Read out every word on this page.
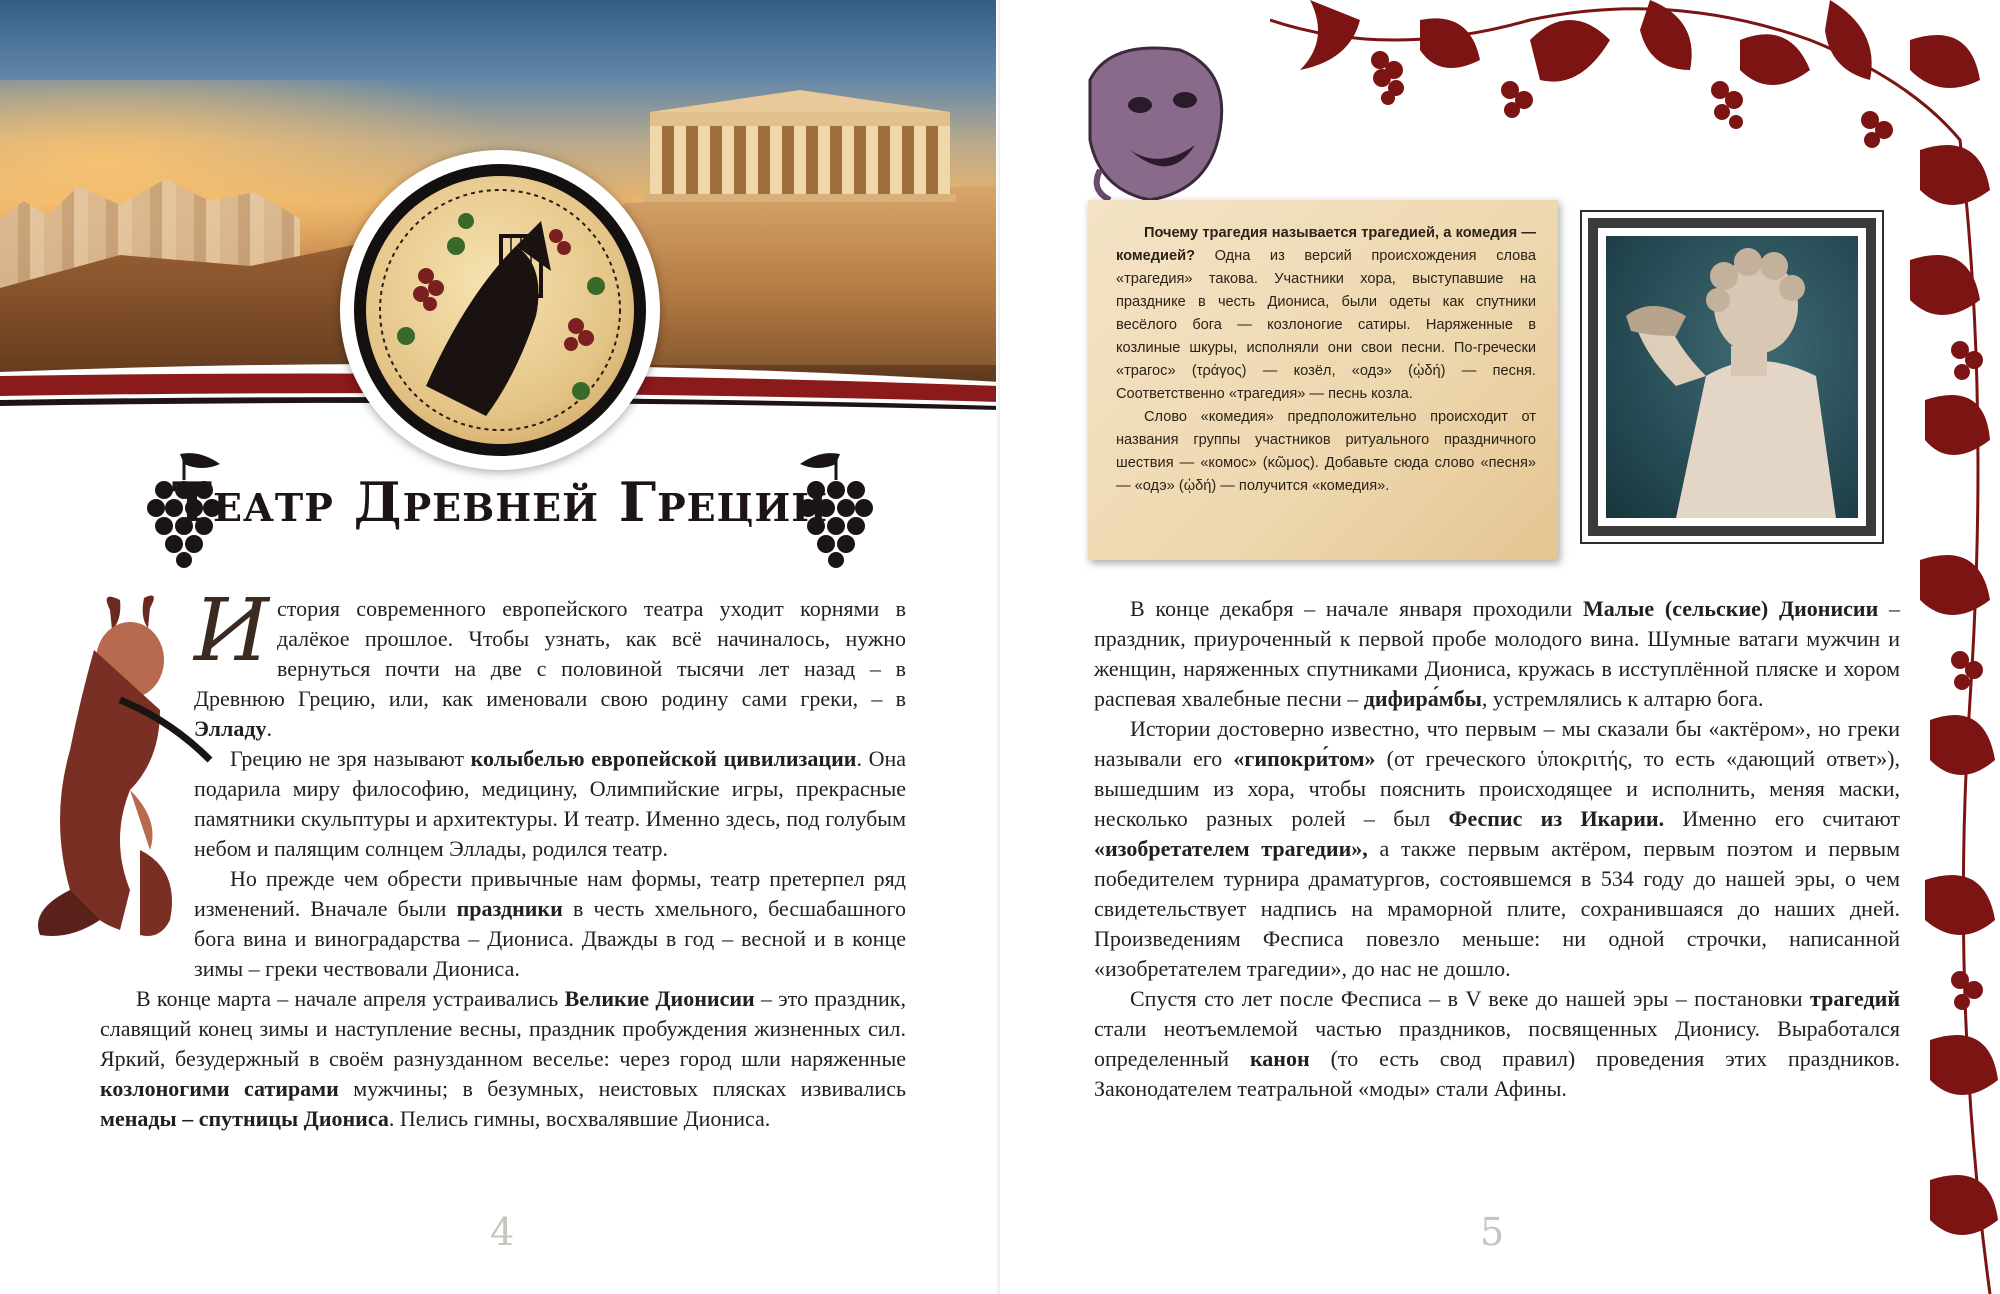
Театр Древней Греции

История современного европейского театра уходит корнями в далёкое прошлое. Чтобы узнать, как всё начиналось, нужно вернуться почти на две с половиной тысячи лет назад – в Древнюю Грецию, или, как именовали свою родину сами греки, – в Элладу.

Грецию не зря называют колыбелью европейской цивилизации. Она подарила миру философию, медицину, Олимпийские игры, прекрасные памятники скульптуры и архитектуры. И театр. Именно здесь, под голубым небом и палящим солнцем Эллады, родился театр.

Но прежде чем обрести привычные нам формы, театр претерпел ряд изменений. Вначале были праздники в честь хмельного, бесшабашного бога вина и виноградарства – Диониса. Дважды в год – весной и в конце зимы – греки чествовали Диониса.

В конце марта – начале апреля устраивались Великие Дионисии – это праздник, славящий конец зимы и наступление весны, праздник пробуждения жизненных сил. Яркий, безудержный в своём разнузданном веселье: через город шли наряженные козлоногими сатирами мужчины; в безумных, неистовых плясках извивались менады – спутницы Диониса. Пелись гимны, восхвалявшие Диониса.

4

Почему трагедия называется трагедией, а комедия — комедией? Одна из версий происхождения слова «трагедия» такова. Участники хора, выступавшие на празднике в честь Диониса, были одеты как спутники весёлого бога — козлоногие сатиры. Наряженные в козлиные шкуры, исполняли они свои песни. По-гречески «трагос» (τράγος) — козёл, «одэ» (ᾠδή) — песня. Соответственно «трагедия» — песнь козла.

Слово «комедия» предположительно происходит от названия группы участников ритуального праздничного шествия — «комос» (κῶμος). Добавьте сюда слово «песня» — «одэ» (ᾠδή) — получится «комедия».

В конце декабря – начале января проходили Малые (сельские) Дионисии – праздник, приуроченный к первой пробе молодого вина. Шумные ватаги мужчин и женщин, наряженных спутниками Диониса, кружась в исступлённой пляске и хором распевая хвалебные песни – дифира́мбы, устремлялись к алтарю бога.

Истории достоверно известно, что первым – мы сказали бы «актёром», но греки называли его «гипокри́том» (от греческого ὑποκριτής, то есть «дающий ответ»), вышедшим из хора, чтобы пояснить происходящее и исполнить, меняя маски, несколько разных ролей – был Феспис из Икарии. Именно его считают «изобретателем трагедии», а также первым актёром, первым поэтом и первым победителем турнира драматургов, состоявшемся в 534 году до нашей эры, о чем свидетельствует надпись на мраморной плите, сохранившаяся до наших дней. Произведениям Фесписа повезло меньше: ни одной строчки, написанной «изобретателем трагедии», до нас не дошло.

Спустя сто лет после Фесписа – в V веке до нашей эры – постановки трагедий стали неотъемлемой частью праздников, посвященных Дионису. Выработался определенный канон (то есть свод правил) проведения этих праздников. Законодателем театральной «моды» стали Афины.

5
